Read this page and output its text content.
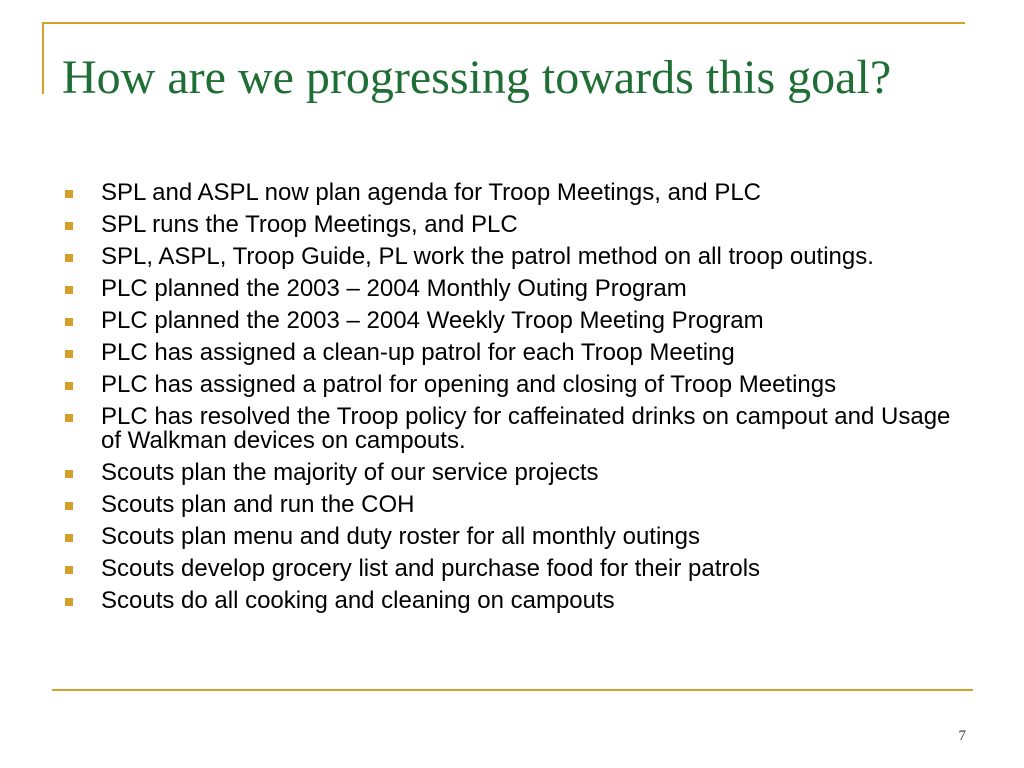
How are we progressing towards this goal?
SPL and ASPL now plan agenda for Troop Meetings, and PLC
SPL runs the Troop Meetings, and PLC
SPL, ASPL, Troop Guide, PL work the patrol method on all troop outings.
PLC planned the 2003 – 2004 Monthly Outing Program
PLC planned the 2003 – 2004 Weekly Troop Meeting Program
PLC has assigned a clean-up patrol for each Troop Meeting
PLC has assigned a patrol for opening and closing of Troop Meetings
PLC has resolved the Troop policy for caffeinated drinks on campout and Usage of Walkman devices on campouts.
Scouts plan the majority of our service projects
Scouts plan and run the COH
Scouts plan menu and duty roster for all monthly outings
Scouts develop grocery list and purchase food for their patrols
Scouts do all cooking and cleaning on campouts
7
